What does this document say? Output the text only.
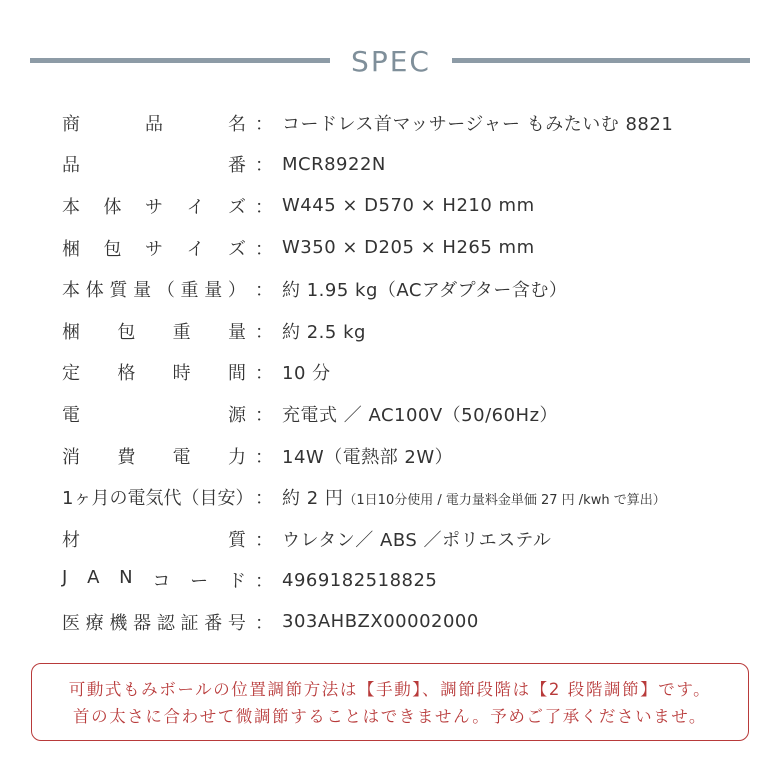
SPEC
商	品	名 ： コードレス首マッサージャー もみたいむ 8821
品	番 ： MCR8922N
本 体 サ イ ズ ： W445 × D570 × H210 mm
梱 包 サ イ ズ ： W350 × D205 × H265 mm
本 体 質 量 （ 重 量 ） ： 約 1.95 kg（ACアダプター含む）
梱 包 重 量 ： 約 2.5 kg
定 格 時 間 ： 10 分
電	源 ： 充電式 ／ AC100V（50/60Hz）
消 費 電 力 ： 14W（電熱部 2W）
1ヶ月の電気代（目安） ： 約 2 円（1日10分使用 / 電力量料金単価 27 円 /kwh で算出）
材	質 ： ウレタン／ ABS ／ポリエステル
J A N コ ー ド ： 4969182518825
医 療 機 器 認 証 番 号 ： 303AHBZX00002000
可動式もみボールの位置調節方法は【手動】、調節段階は【2 段階調節】です。
首の太さに合わせて微調節することはできません。予めご了承くださいませ。
